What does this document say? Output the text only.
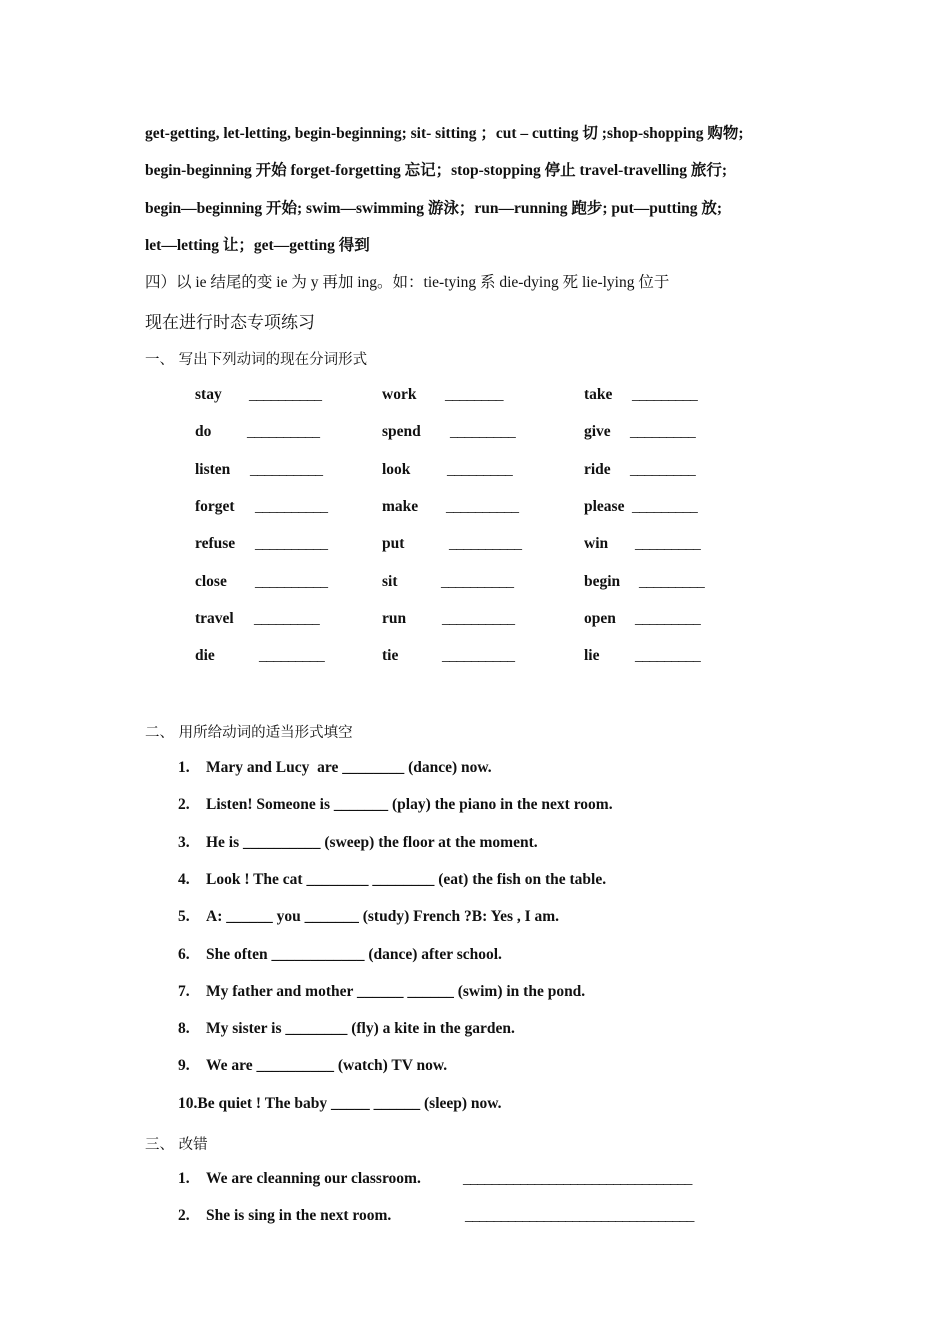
get-getting, let-letting, begin-beginning; sit- sitting ；cut – cutting 切 ;shop-shopping 购物;
begin-beginning 开始 forget-forgetting 忘记；stop-stopping 停止 travel-travelling 旅行;
begin—beginning 开始; swim—swimming 游泳；run—running 跑步; put—putting 放;
let—letting 让；get—getting 得到
四）以 ie 结尾的变 ie 为 y 再加 ing。如：tie-tying 系 die-dying 死 lie-lying 位于
现在进行时态专项练习
一、 写出下列动词的现在分词形式
stay __________	work ________	take _________
do __________	spend _________	give _________
listen __________	look _________	ride _________
forget __________	make __________	please _________
refuse __________	put	__________	win _________
close __________	sit	__________	begin _________
travel _________	run __________	open _________
die	_________	tie	__________	lie _________
二、 用所给动词的适当形式填空
1. Mary and Lucy  are ________ (dance) now.
2. Listen! Someone is _______ (play) the piano in the next room.
3. He is __________ (sweep) the floor at the moment.
4. Look ! The cat ________ ________ (eat) the fish on the table.
5. A: ______ you _______ (study) French ?B: Yes , I am.
6. She often ____________ (dance) after school.
7. My father and mother ______ ______ (swim) in the pond.
8. My sister is ________ (fly) a kite in the garden.
9. We are __________ (watch) TV now.
10.Be quiet ! The baby _____ ______ (sleep) now.
三、 改错
1. We are cleanning our classroom.	________________________________
2. She is sing in the next room.	________________________________
